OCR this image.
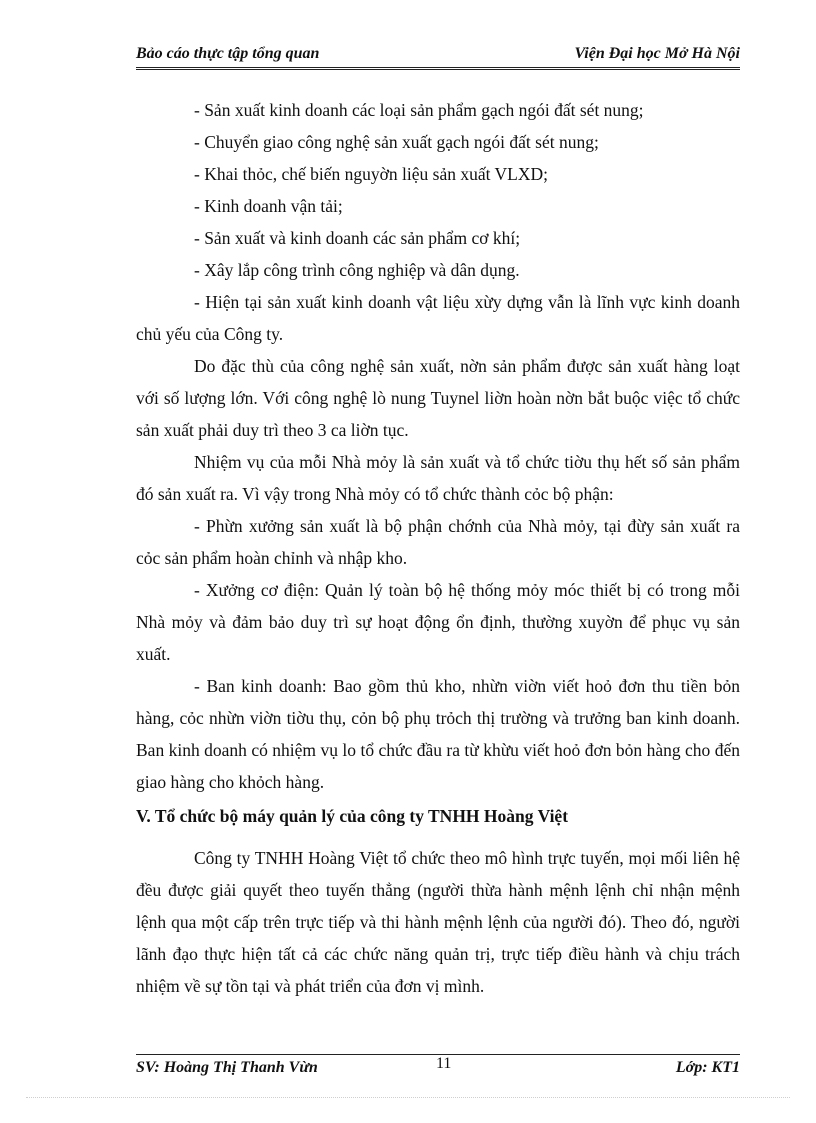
Bảo cáo thực tập tổng quan	Viện Đại học Mở Hà Nội

- Sản xuất kinh doanh các loại sản phẩm gạch ngói đất sét nung;

- Chuyển giao công nghệ sản xuất gạch ngói đất sét nung;

- Khai thỏc, chế biến nguyờn liệu sản xuất VLXD;

- Kinh doanh vận tải;

- Sản xuất và kinh doanh các sản phẩm cơ khí;

- Xây lắp công trình công nghiệp và dân dụng.

- Hiện tại sản xuất kinh doanh vật liệu xừy dựng vẫn là lĩnh vực kinh doanh chủ yếu của Công ty.

Do đặc thù của công nghệ sản xuất, nờn sản phẩm được sản xuất hàng loạt với số lượng lớn. Với công nghệ lò nung Tuynel liờn hoàn nờn bắt buộc việc tổ chức sản xuất phải duy trì theo 3 ca liờn tục.

Nhiệm vụ của mỗi Nhà mỏy là sản xuất và tổ chức tiờu thụ hết số sản phẩm đó sản xuất ra. Vì vậy trong Nhà mỏy có tổ chức thành cỏc bộ phận:

- Phừn xưởng sản xuất là bộ phận chớnh của Nhà mỏy, tại đừy sản xuất ra cỏc sản phẩm hoàn chỉnh và nhập kho.

- Xưởng cơ điện: Quản lý toàn bộ hệ thống mỏy móc thiết bị có trong mỗi Nhà mỏy và đảm bảo duy trì sự hoạt động ổn định, thường xuyờn để phục vụ sản xuất.

- Ban kinh doanh: Bao gồm thủ kho, nhừn viờn viết hoỏ đơn thu tiền bỏn hàng, cỏc nhừn viờn tiờu thụ, cỏn bộ phụ trỏch thị trường và trưởng ban kinh doanh. Ban kinh doanh có nhiệm vụ lo tổ chức đầu ra từ khừu viết hoỏ đơn bỏn hàng cho đến giao hàng cho khỏch hàng.

V. Tổ chức bộ máy quản lý của công ty TNHH Hoàng Việt

Công ty TNHH Hoàng Việt tổ chức theo mô hình trực tuyến, mọi mối liên hệ đều được giải quyết theo tuyến thẳng (người thừa hành mệnh lệnh chỉ nhận mệnh lệnh qua một cấp trên trực tiếp và thi hành mệnh lệnh của người đó). Theo đó, người lãnh đạo thực hiện tất cả các chức năng quản trị, trực tiếp điều hành và chịu trách nhiệm về sự tồn tại và phát triển của đơn vị mình.

SV: Hoàng Thị Thanh Vừn	11	Lớp: KT1
